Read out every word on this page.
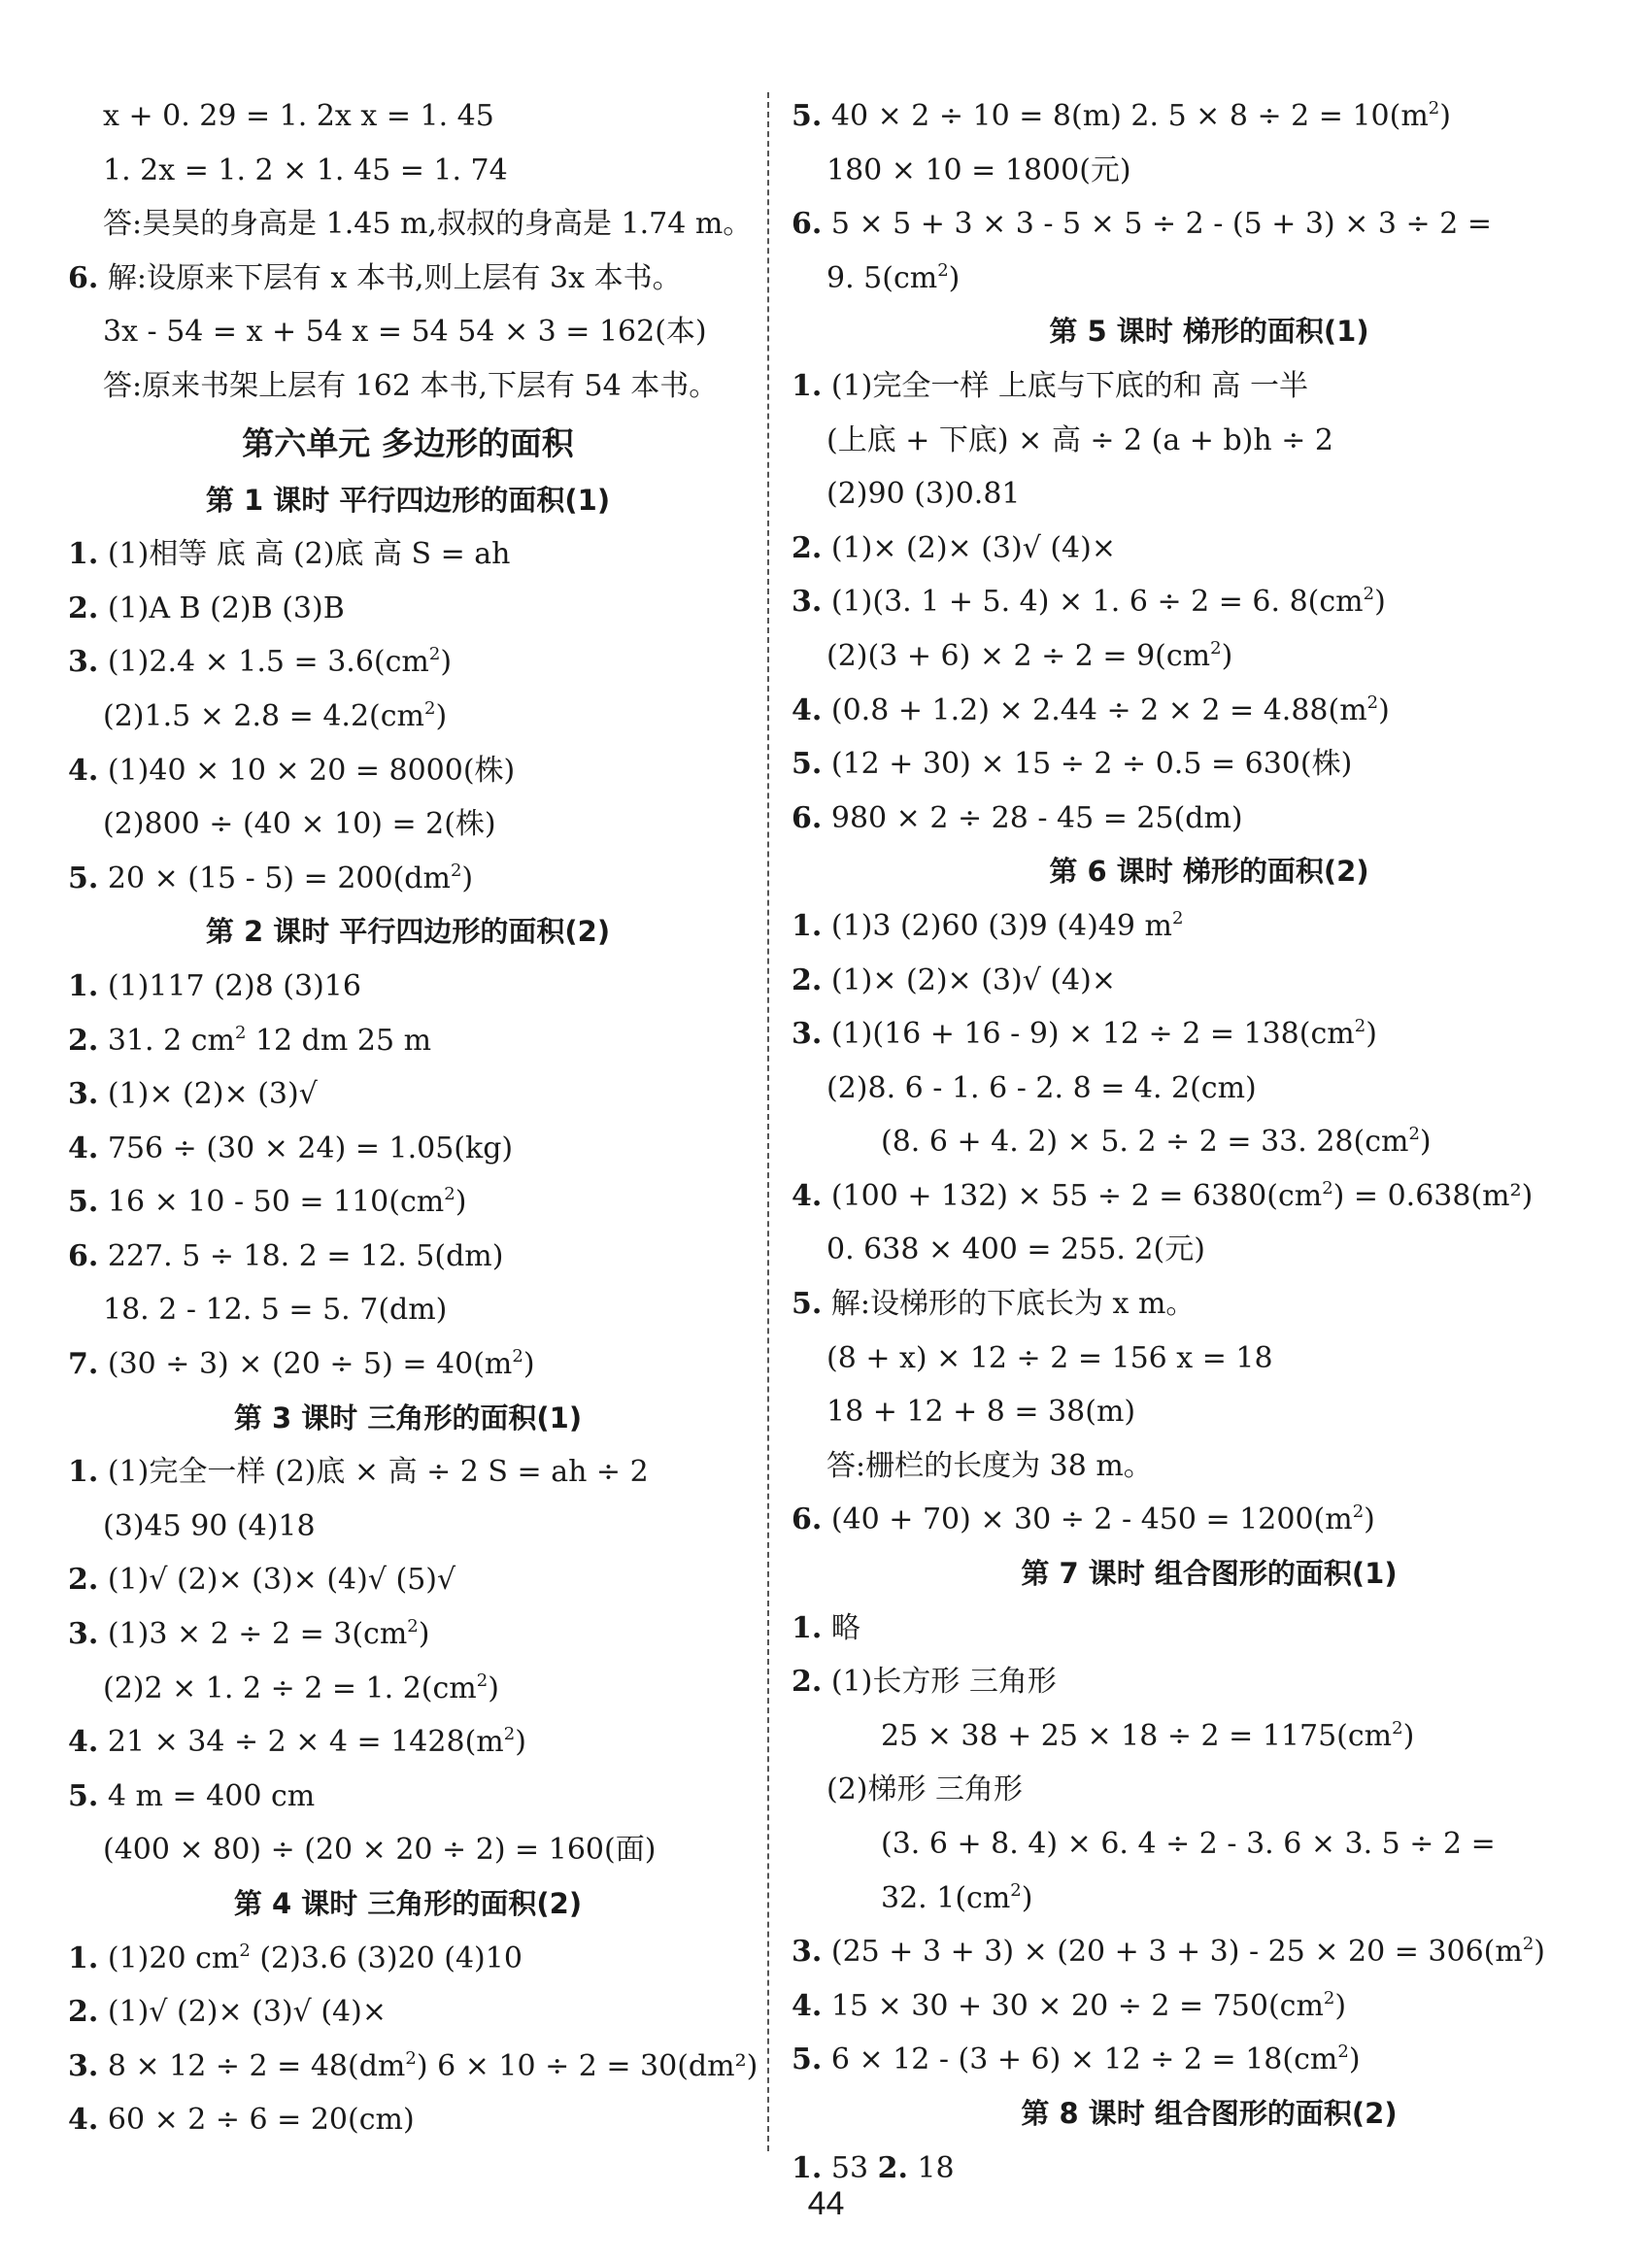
x + 0. 29 = 1. 2x x = 1. 45
1. 2x = 1. 2 × 1. 45 = 1. 74
答:昊昊的身高是 1.45 m,叔叔的身高是 1.74 m。
6. 解:设原来下层有 x 本书,则上层有 3x 本书。
3x - 54 = x + 54 x = 54 54 × 3 = 162(本)
答:原来书架上层有 162 本书,下层有 54 本书。
第六单元 多边形的面积
第 1 课时 平行四边形的面积(1)
1. (1)相等 底 高 (2)底 高 S = ah
2. (1)A B (2)B (3)B
3. $(1)2.4 \times 1.5 = 3.6(cm^2)$
$(2)1.5 \times 2.8 = 4.2(cm^2)$
4. (1)40 × 10 × 20 = 8000(株)
(2)800 ÷ (40 × 10) = 2(株)
5. $20 \times (15 - 5) = 200(dm^2)$
第 2 课时 平行四边形的面积(2)
1. (1)117 (2)8 (3)16
2. 31. 2 $cm^2$ 12 dm 25 m
3. (1)× (2)× (3)√
4. 756 ÷ (30 × 24) = 1.05(kg)
5. $16 \times 10 - 50 = 110(cm^2)$
6. 227. 5 ÷ 18. 2 = 12. 5(dm)
18. 2 - 12. 5 = 5. 7(dm)
7. $(30 \div 3) \times (20 \div 5) = 40(m^2)$
第 3 课时 三角形的面积(1)
1. (1)完全一样 (2)底 × 高 ÷ 2 S = ah ÷ 2
(3)45 90 (4)18
2. (1)√ (2)× (3)× (4)√ (5)√
3. $(1)3 \times 2 \div 2 = 3(cm^2)$
(2)2 × 1. 2 ÷ 2 = 1. $2(cm^2)$
4. $21 \times 34 \div 2 \times 4 = 1428(m^2)$
5. 4 m = 400 cm
(400 × 80) ÷ (20 × 20 ÷ 2) = 160(面)
第 4 课时 三角形的面积(2)
1. (1)20 $cm^2$ (2)3.6 (3)20 (4)10
2. (1)√ (2)× (3)√ (4)×
3. $8 \times 12 \div 2 = 48(dm^2) 6 \times 10 \div 2 = 30(dm^2)$
4. 60 × 2 ÷ 6 = 20(cm)
5. 40 × 2 ÷ 10 = 8(m) 2. $5 \times 8 \div 2 = 10(m^2)$
180 × 10 = 1800(元)
6. 5 × 5 + 3 × 3 - 5 × 5 ÷ 2 - (5 + 3) × 3 ÷ 2 =
9. $5(cm^2)$
第 5 课时 梯形的面积(1)
1. (1)完全一样 上底与下底的和 高 一半
(上底 + 下底) × 高 ÷ 2 (a + b)h ÷ 2
(2)90 (3)0.81
2. (1)× (2)× (3)√ (4)×
3. (1)(3. 1 + 5. 4) × 1. 6 ÷ 2 = 6. $8(cm^2)$
$(2)(3 + 6) \times 2 \div 2 = 9(cm^2)$
4. $(0.8 + 1.2) \times 2.44 \div 2 \times 2 = 4.88(m^2)$
5. (12 + 30) × 15 ÷ 2 ÷ 0.5 = 630(株)
6. 980 × 2 ÷ 28 - 45 = 25(dm)
第 6 课时 梯形的面积(2)
1. (1)3 (2)60 (3)9 (4)49 $m^2$
2. (1)× (2)× (3)√ (4)×
3. $(1)(16 + 16 - 9) \times 12 \div 2 = 138(cm^2)$
(2)8. 6 - 1. 6 - 2. 8 = 4. 2(cm)
(8. 6 + 4. 2) × 5. 2 ÷ 2 = 33. $28(cm^2)$
4. $(100 + 132) \times 55 \div 2 = 6380(cm^2) = 0.638(m^2)$
0. 638 × 400 = 255. 2(元)
5. 解:设梯形的下底长为 x m。
(8 + x) × 12 ÷ 2 = 156 x = 18
18 + 12 + 8 = 38(m)
答:栅栏的长度为 38 m。
6. $(40 + 70) \times 30 \div 2 - 450 = 1200(m^2)$
第 7 课时 组合图形的面积(1)
1. 略
2. (1)长方形 三角形
$25 \times 38 + 25 \times 18 \div 2 = 1175(cm^2)$
(2)梯形 三角形
(3. 6 + 8. 4) × 6. 4 ÷ 2 - 3. 6 × 3. 5 ÷ 2 =
32. $1(cm^2)$
3. $(25 + 3 + 3) \times (20 + 3 + 3) - 25 \times 20 = 306(m^2)$
4. $15 \times 30 + 30 \times 20 \div 2 = 750(cm^2)$
5. $6 \times 12 - (3 + 6) \times 12 \div 2 = 18(cm^2)$
第 8 课时 组合图形的面积(2)
1. 53 2. 18
44
